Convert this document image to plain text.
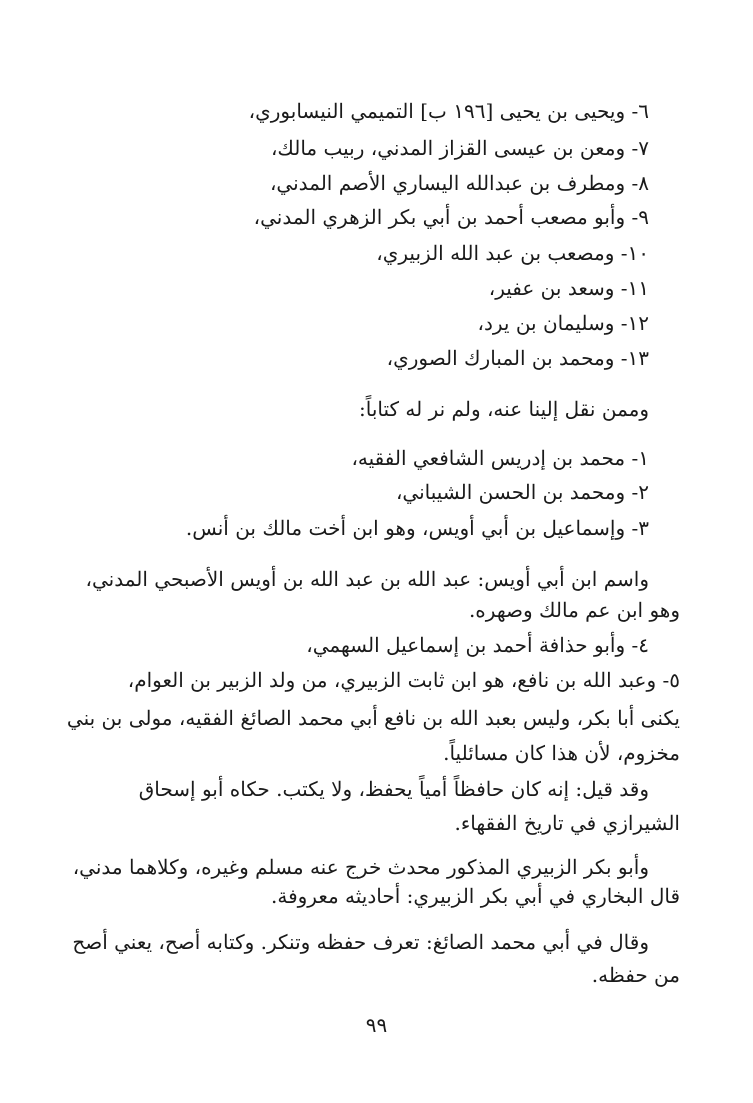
٦- ويحيى بن يحيى [١٩٦ ب] التميمي النيسابوري،
٧- ومعن بن عيسى القزاز المدني، ربيب مالك،
٨- ومطرف بن عبدالله اليساري الأصم المدني،
٩- وأبو مصعب أحمد بن أبي بكر الزهري المدني،
١٠- ومصعب بن عبد الله الزبيري،
١١- وسعد بن عفير،
١٢- وسليمان بن يرد،
١٣- ومحمد بن المبارك الصوري،
وممن نقل إلينا عنه، ولم نر له كتاباً:
١- محمد بن إدريس الشافعي الفقيه،
٢- ومحمد بن الحسن الشيباني،
٣- وإسماعيل بن أبي أويس، وهو ابن أخت مالك بن أنس.
واسم ابن أبي أويس: عبد الله بن عبد الله بن أويس الأصبحي المدني،
وهو ابن عم مالك وصهره.
٤- وأبو حذافة أحمد بن إسماعيل السهمي،
٥- وعبد الله بن نافع، هو ابن ثابت الزبيري، من ولد الزبير بن العوام،
يكنى أبا بكر، وليس بعبد الله بن نافع أبي محمد الصائغ الفقيه، مولى بن بني
مخزوم، لأن هذا كان مسائلياً.
وقد قيل: إنه كان حافظاً أمياً يحفظ، ولا يكتب. حكاه أبو إسحاق
الشيرازي في تاريخ الفقهاء.
وأبو بكر الزبيري المذكور محدث خرج عنه مسلم وغيره، وكلاهما مدني،
قال البخاري في أبي بكر الزبيري: أحاديثه معروفة.
وقال في أبي محمد الصائغ: تعرف حفظه وتنكر. وكتابه أصح، يعني أصح
من حفظه.
٩٩
